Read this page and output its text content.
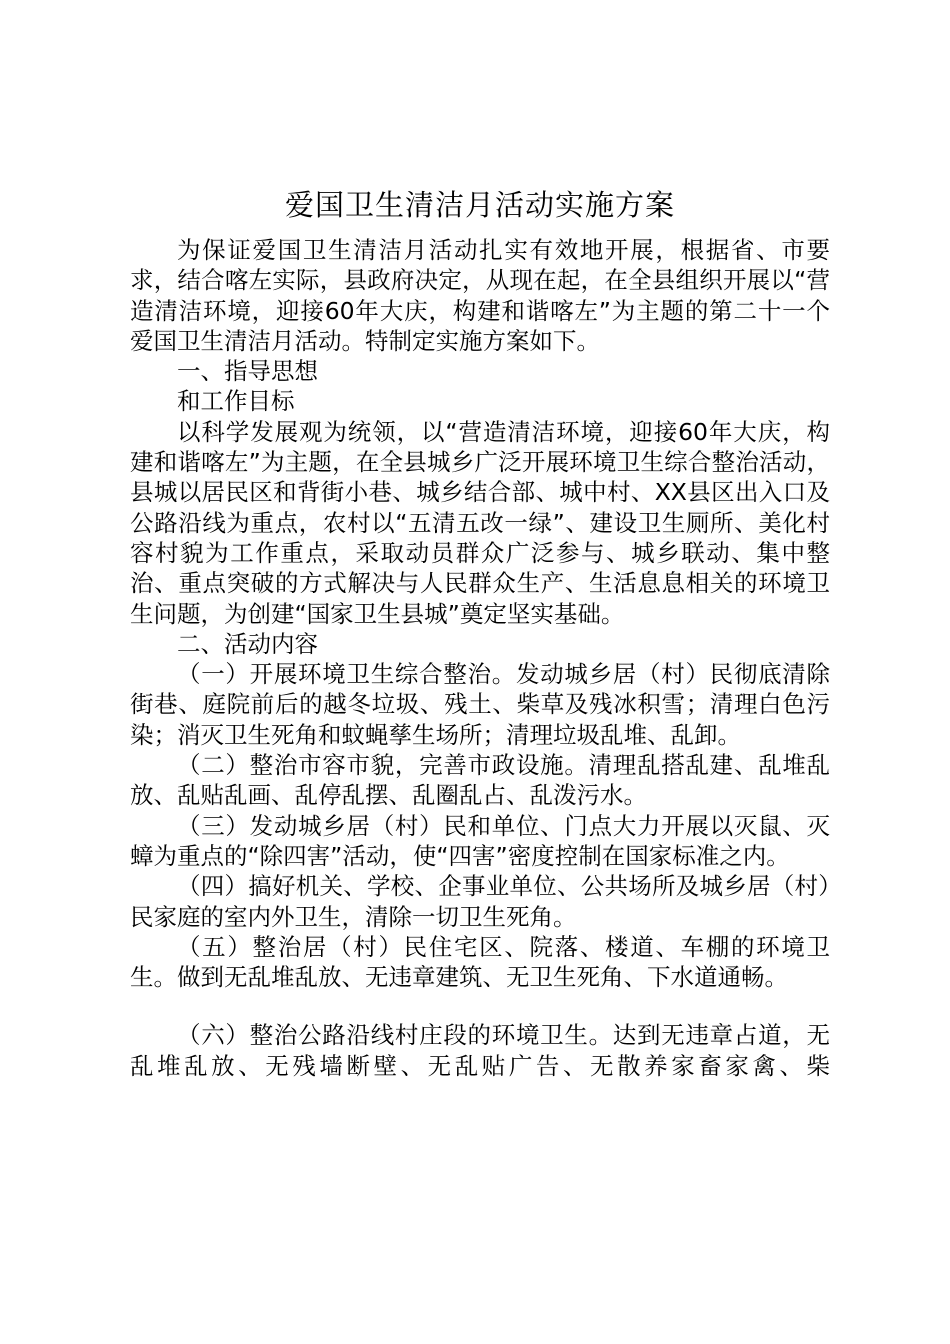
爱国卫生清洁月活动实施方案

为保证爱国卫生清洁月活动扎实有效地开展，根据省、市要求，结合喀左实际，县政府决定，从现在起，在全县组织开展以“营造清洁环境，迎接60年大庆，构建和谐喀左”为主题的第二十一个爱国卫生清洁月活动。特制定实施方案如下。

一、指导思想

和工作目标

以科学发展观为统领，以“营造清洁环境，迎接60年大庆，构建和谐喀左”为主题，在全县城乡广泛开展环境卫生综合整治活动，县城以居民区和背街小巷、城乡结合部、城中村、XX县区出入口及公路沿线为重点，农村以“五清五改一绿”、建设卫生厕所、美化村容村貌为工作重点，采取动员群众广泛参与、城乡联动、集中整治、重点突破的方式解决与人民群众生产、生活息息相关的环境卫生问题，为创建“国家卫生县城”奠定坚实基础。

二、活动内容

（一）开展环境卫生综合整治。发动城乡居（村）民彻底清除街巷、庭院前后的越冬垃圾、残土、柴草及残冰积雪；清理白色污染；消灭卫生死角和蚊蝇孳生场所；清理垃圾乱堆、乱卸。

（二）整治市容市貌，完善市政设施。清理乱搭乱建、乱堆乱放、乱贴乱画、乱停乱摆、乱圈乱占、乱泼污水。

（三）发动城乡居（村）民和单位、门点大力开展以灭鼠、灭蟑为重点的“除四害”活动，使“四害”密度控制在国家标准之内。

（四）搞好机关、学校、企事业单位、公共场所及城乡居（村）民家庭的室内外卫生，清除一切卫生死角。

（五）整治居（村）民住宅区、院落、楼道、车棚的环境卫生。做到无乱堆乱放、无违章建筑、无卫生死角、下水道通畅。

（六）整治公路沿线村庄段的环境卫生。达到无违章占道，无乱堆乱放、无残墙断壁、无乱贴广告、无散养家畜家禽、柴
